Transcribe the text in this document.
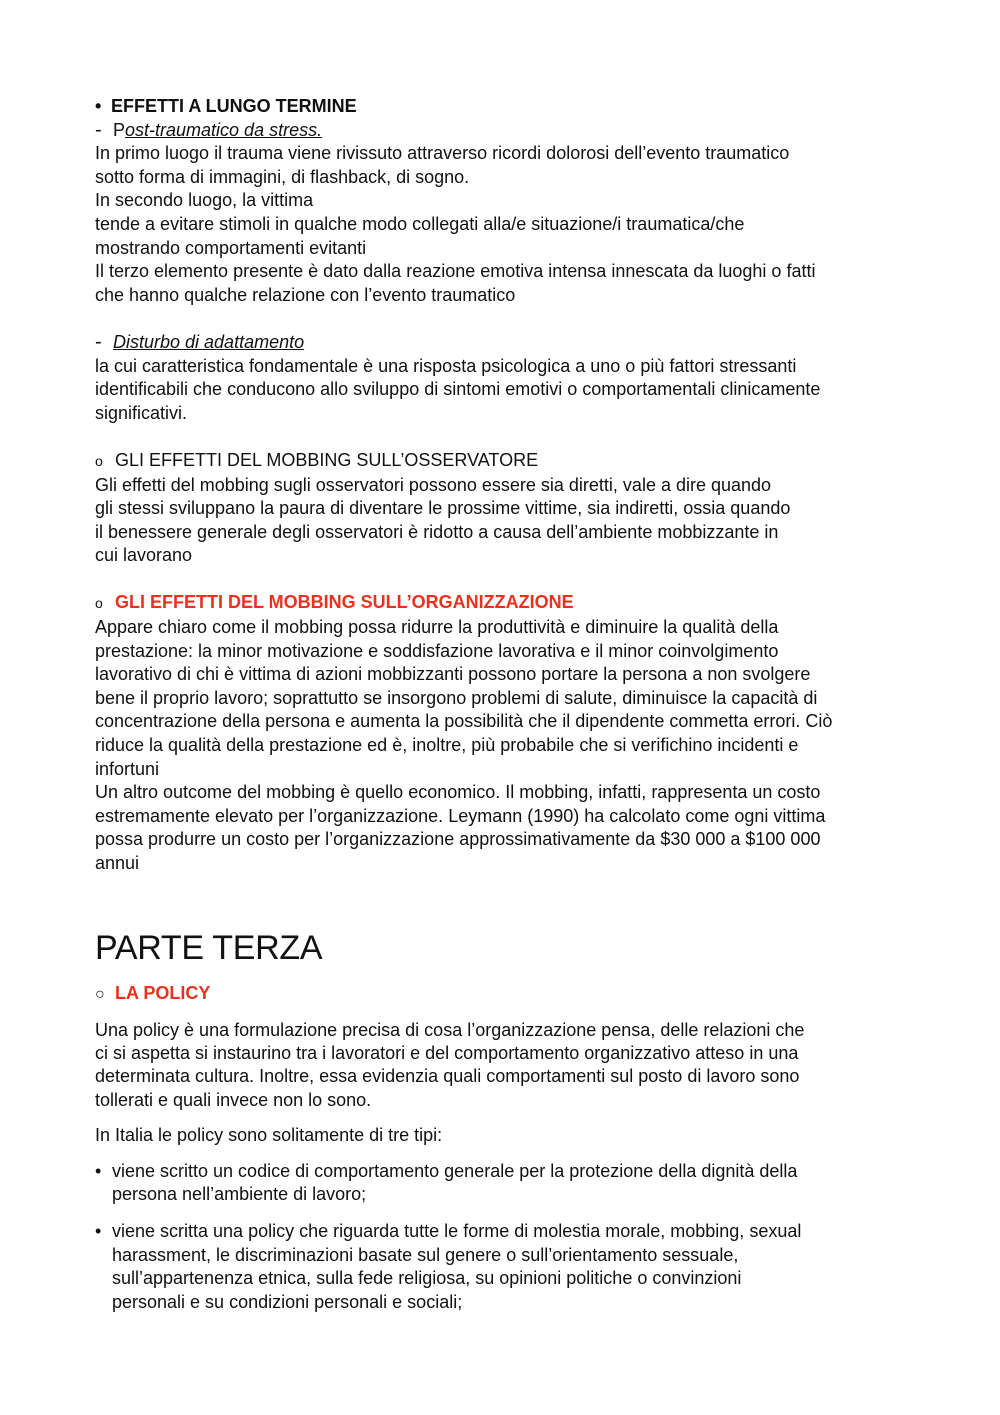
• EFFETTI A LUNGO TERMINE
- Post-traumatico da stress.
In primo luogo il trauma viene rivissuto attraverso ricordi dolorosi dell’evento traumatico
sotto forma di immagini, di flashback, di sogno.
In secondo luogo, la vittima
tende a evitare stimoli in qualche modo collegati alla/e situazione/i traumatica/che
mostrando comportamenti evitanti
Il terzo elemento presente è dato dalla reazione emotiva intensa innescata da luoghi o fatti
che hanno qualche relazione con l’evento traumatico
- Disturbo di adattamento
la cui caratteristica fondamentale è una risposta psicologica a uno o più fattori stressanti
identificabili che conducono allo sviluppo di sintomi emotivi o comportamentali clinicamente
significativi.
o GLI EFFETTI DEL MOBBING SULL’OSSERVATORE
Gli effetti del mobbing sugli osservatori possono essere sia diretti, vale a dire quando
gli stessi sviluppano la paura di diventare le prossime vittime, sia indiretti, ossia quando
il benessere generale degli osservatori è ridotto a causa dell’ambiente mobbizzante in
cui lavorano
o GLI EFFETTI DEL MOBBING SULL’ORGANIZZAZIONE
Appare chiaro come il mobbing possa ridurre la produttività e diminuire la qualità della
prestazione: la minor motivazione e soddisfazione lavorativa e il minor coinvolgimento
lavorativo di chi è vittima di azioni mobbizzanti possono portare la persona a non svolgere
bene il proprio lavoro; soprattutto se insorgono problemi di salute, diminuisce la capacità di
concentrazione della persona e aumenta la possibilità che il dipendente commetta errori. Ciò
riduce la qualità della prestazione ed è, inoltre, più probabile che si verifichino incidenti e
infortuni
Un altro outcome del mobbing è quello economico. Il mobbing, infatti, rappresenta un costo
estremamente elevato per l’organizzazione. Leymann (1990) ha calcolato come ogni vittima
possa produrre un costo per l’organizzazione approssimativamente da $30 000 a $100 000
annui
PARTE TERZA
○ LA POLICY
Una policy è una formulazione precisa di cosa l’organizzazione pensa, delle relazioni che
ci si aspetta si instaurino tra i lavoratori e del comportamento organizzativo atteso in una
determinata cultura. Inoltre, essa evidenzia quali comportamenti sul posto di lavoro sono
tollerati e quali invece non lo sono.
In Italia le policy sono solitamente di tre tipi:
• viene scritto un codice di comportamento generale per la protezione della dignità della
persona nell’ambiente di lavoro;
• viene scritta una policy che riguarda tutte le forme di molestia morale, mobbing, sexual
harassment, le discriminazioni basate sul genere o sull’orientamento sessuale,
sull’appartenenza etnica, sulla fede religiosa, su opinioni politiche o convinzioni
personali e su condizioni personali e sociali;
